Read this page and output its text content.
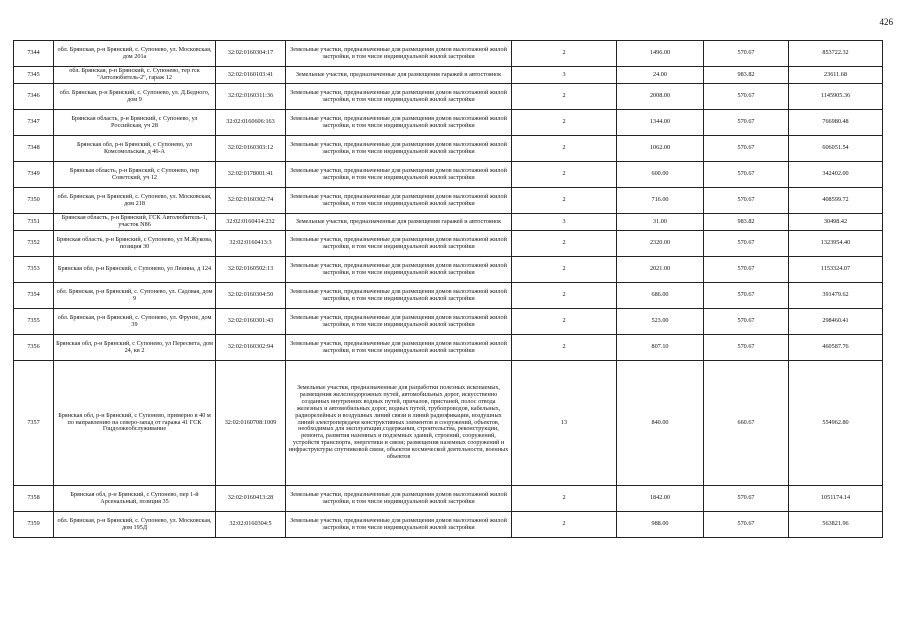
426
7344	обл. Брянская, р-н Брянский, с. Супонево, ул. Московская, дом 201а	32:02:0160304:17	Земельные участки, предназначенные для размещения домов малоэтажной жилой застройки, в том числе индивидуальной жилой застройки	2	1496.00	570.67	853722.32
7345	обл. Брянская, р-н Брянский, с. Супонево, тер гск "Автолюбитель-2", гараж 12	32:02:0160103:41	Земельные участки, предназначенные для размещения гаражей и автостоянок	3	24.00	983.82	23611.68
7346	обл. Брянская, р-н Брянский, с. Супонево, ул. Д.Бедного, дом 9	32:02:0160311:36	Земельные участки, предназначенные для размещения домов малоэтажной жилой застройки, в том числе индивидуальной жилой застройки	2	2008.00	570.67	1145905.36
7347	Брянская область, р-н Брянский, с Супонево, ул Российская, уч 28	32:02:0160606:163	Земельные участки, предназначенные для размещения домов малоэтажной жилой застройки, в том числе индивидуальной жилой застройки	2	1344.00	570.67	766980.48
7348	Брянская обл, р-н Брянский, с Супонево, ул Комсомольская, д 46-А	32:02:0160303:12	Земельные участки, предназначенные для размещения домов малоэтажной жилой застройки, в том числе индивидуальной жилой застройки	2	1062.00	570.67	606051.54
7349	Брянская область, р-н Брянский, с Супонево, пер Советский, уч 12	32:02:0178001:41	Земельные участки, предназначенные для размещения домов малоэтажной жилой застройки, в том числе индивидуальной жилой застройки	2	600.00	570.67	342402.00
7350	обл. Брянская, р-н Брянский, с. Супонево, ул. Московская, дом 218	32:02:0160302:74	Земельные участки, предназначенные для размещения домов малоэтажной жилой застройки, в том числе индивидуальной жилой застройки	2	716.00	570.67	408599.72
7351	Брянская область, р-н Брянский, ГСК Автолюбитель-1, участок N86	32:02:0160414:232	Земельные участки, предназначенные для размещения гаражей и автостоянок	3	31.00	983.82	30498.42
7352	Брянская область, р-н Брянский, с Супонево, ул М.Жукова, позиция 30	32:02:0160413:3	Земельные участки, предназначенные для размещения домов малоэтажной жилой застройки, в том числе индивидуальной жилой застройки	2	2320.00	570.67	1323954.40
7353	Брянская обл, р-н Брянский, с Супонево, ул Ленина, д 124	32:02:0160502:13	Земельные участки, предназначенные для размещения домов малоэтажной жилой застройки, в том числе индивидуальной жилой застройки	2	2021.00	570.67	1153324.07
7354	обл. Брянская, р-н Брянский, с. Супонево, ул. Садовая, дом 9	32:02:0160304:50	Земельные участки, предназначенные для размещения домов малоэтажной жилой застройки, в том числе индивидуальной жилой застройки	2	686.00	570.67	391479.62
7355	обл. Брянская, р-н Брянский, с. Супонево, ул. Фрунзе, дом 39	32:02:0160301:43	Земельные участки, предназначенные для размещения домов малоэтажной жилой застройки, в том числе индивидуальной жилой застройки	2	523.00	570.67	298460.41
7356	Брянская обл, р-н Брянский, с Супонево, ул Пересвета, дом 24, кв 2	32:02:0160302:94	Земельные участки, предназначенные для размещения домов малоэтажной жилой застройки, в том числе индивидуальной жилой застройки	2	807.10	570.67	460587.76
7357	Брянская обл, р-н Брянский, с Супонево, примерно в 40 м по направлению на северо-запад от гаража 41 ГСК Гоцдолжеобслуживание	32:02:0160708:1009	Земельные участки, предназначенные для разработки полезных ископаемых, размещения железнодорожных путей, автомобильных дорог, искусственно созданных внутренних водных путей, причалов, пристаней, полос отвода железных и автомобильных дорог, водных путей, трубопроводов, кабельных, радиорелейных и воздушных линий связи и линий радиофикации, воздушных линий электропередачи конструктивных элементов и сооружений, объектов, необходимых для эксплуатации,содержания, строительства, реконструкции, ремонта, развития наземных и подземных зданий, строений, сооружений, устройств транспорта, энергетики и связи; размещения наземных сооружений и инфраструктуры спутниковой связи, объектов космической деятельности, военных объектов	13	840.00	660.67	554962.80
7358	Брянская обл, р-н Брянский, с Супонево, пер 1-й Арсенальный, позиция 35	32:02:0160413:28	Земельные участки, предназначенные для размещения домов малоэтажной жилой застройки, в том числе индивидуальной жилой застройки	2	1842.00	570.67	1051174.14
7359	обл. Брянская, р-н Брянский, с. Супонево, ул. Московская, дом 195Д	32:02:0160304:5	Земельные участки, предназначенные для размещения домов малоэтажной жилой застройки, в том числе индивидуальной жилой застройки	2	988.00	570.67	563821.96
